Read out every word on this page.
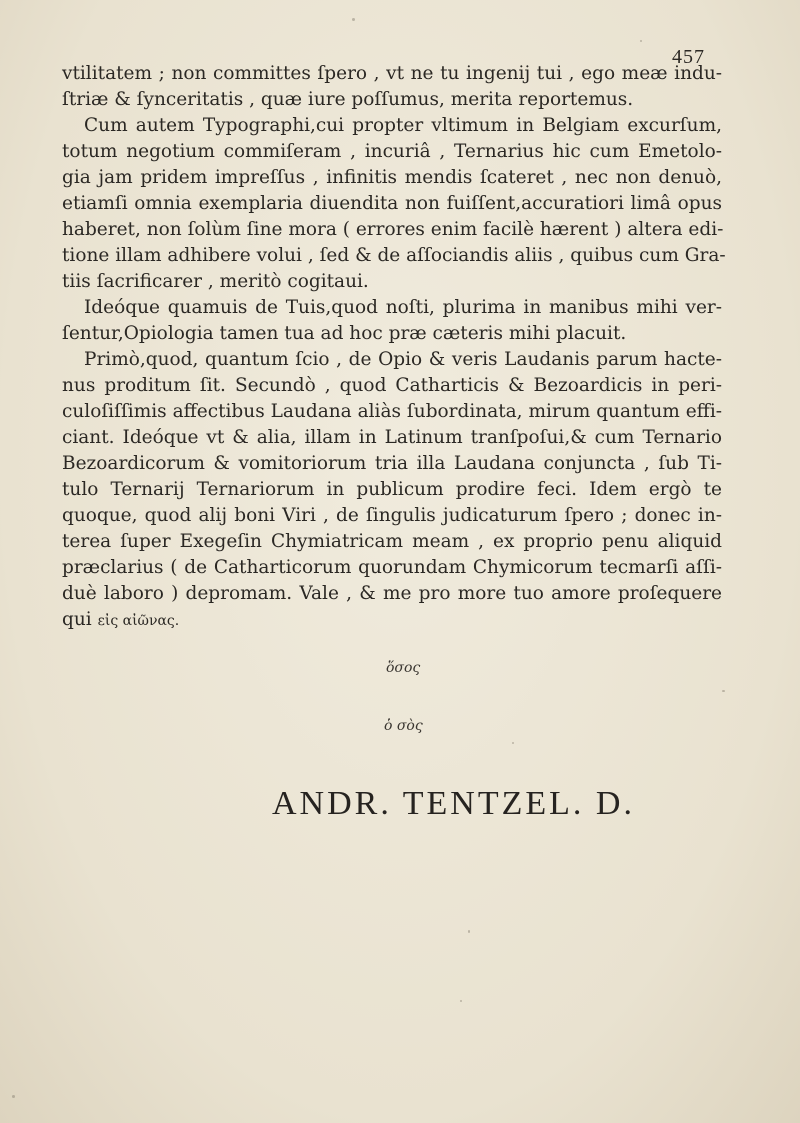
457
vtilitatem ; non committes ſpero , vt ne tu ingenij tui , ego meæ indu-
ſtriæ & ſynceritatis , quæ iure poſſumus, merita reportemus.
Cum autem Typographi,cui propter vltimum in Belgiam excurſum,
totum negotium commiſeram , incuriâ , Ternarius hic cum Emetolo-
gia jam pridem impreſſus , infinitis mendis ſcateret , nec non denuò,
etiamſi omnia exemplaria diuendita non fuiſſent,accuratiori limâ opus
haberet, non ſolùm ſine mora ( errores enim facilè hærent ) altera edi-
tione illam adhibere volui , ſed & de aſſociandis aliis , quibus cum Gra-
tiis ſacrificarer , meritò cogitaui.
Ideóque quamuis de Tuis,quod noſti, plurima in manibus mihi ver-
ſentur,Opiologia tamen tua ad hoc præ cæteris mihi placuit.
Primò,quod, quantum ſcio , de Opio & veris Laudanis parum hacte-
nus proditum ſit. Secundò , quod Catharticis & Bezoardicis in peri-
culoſiſſimis affectibus Laudana aliàs ſubordinata, mirum quantum effi-
ciant. Ideóque vt & alia, illam in Latinum tranſpoſui,& cum Ternario
Bezoardicorum & vomitoriorum tria illa Laudana conjuncta , ſub Ti-
tulo Ternarij Ternariorum in publicum prodire feci. Idem ergò te
quoque, quod alij boni Viri , de ſingulis judicaturum ſpero ; donec in-
terea ſuper Exegeſin Chymiatricam meam , ex proprio penu aliquid
præclarius ( de Catharticorum quorundam Chymicorum tecmarſi aſſi-
duè laboro ) depromam. Vale , & me pro more tuo amore proſequere
qui εἰς αἰῶνας.
ὅσος
ὁ σὸς
ANDR. TENTZEL. D.
